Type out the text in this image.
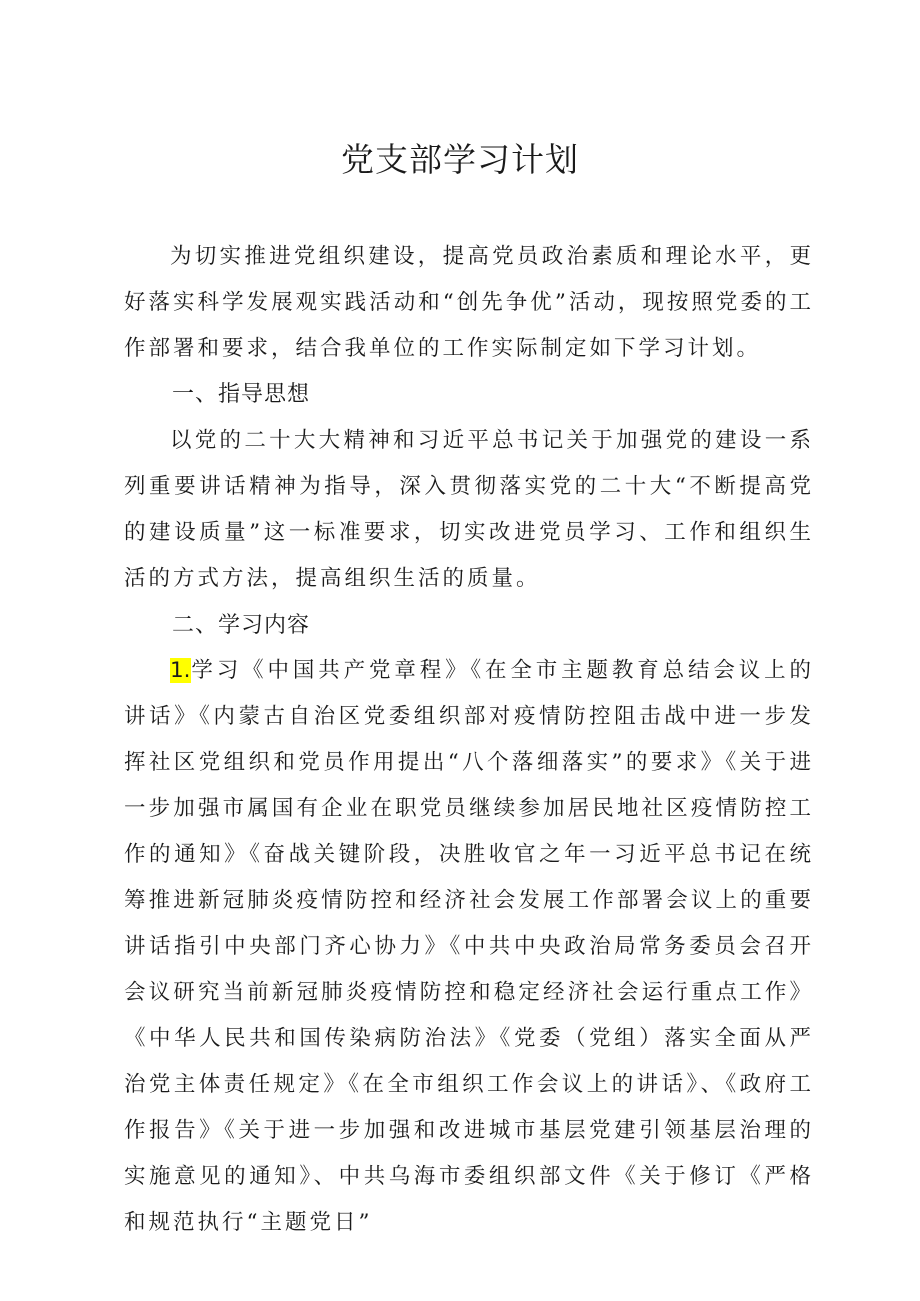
党支部学习计划

为切实推进党组织建设，提高党员政治素质和理论水平，更好落实科学发展观实践活动和“创先争优”活动，现按照党委的工作部署和要求，结合我单位的工作实际制定如下学习计划。

一、指导思想

以党的二十大大精神和习近平总书记关于加强党的建设一系列重要讲话精神为指导，深入贯彻落实党的二十大“不断提高党的建设质量”这一标准要求，切实改进党员学习、工作和组织生活的方式方法，提高组织生活的质量。

二、学习内容

1.学习《中国共产党章程》《在全市主题教育总结会议上的讲话》《内蒙古自治区党委组织部对疫情防控阻击战中进一步发挥社区党组织和党员作用提出“八个落细落实”的要求》《关于进一步加强市属国有企业在职党员继续参加居民地社区疫情防控工作的通知》《奋战关键阶段，决胜收官之年一习近平总书记在统筹推进新冠肺炎疫情防控和经济社会发展工作部署会议上的重要讲话指引中央部门齐心协力》《中共中央政治局常务委员会召开会议研究当前新冠肺炎疫情防控和稳定经济社会运行重点工作》《中华人民共和国传染病防治法》《党委（党组）落实全面从严治党主体责任规定》《在全市组织工作会议上的讲话》、《政府工作报告》《关于进一步加强和改进城市基层党建引领基层治理的实施意见的通知》、中共乌海市委组织部文件《关于修订《严格和规范执行“主题党日”
